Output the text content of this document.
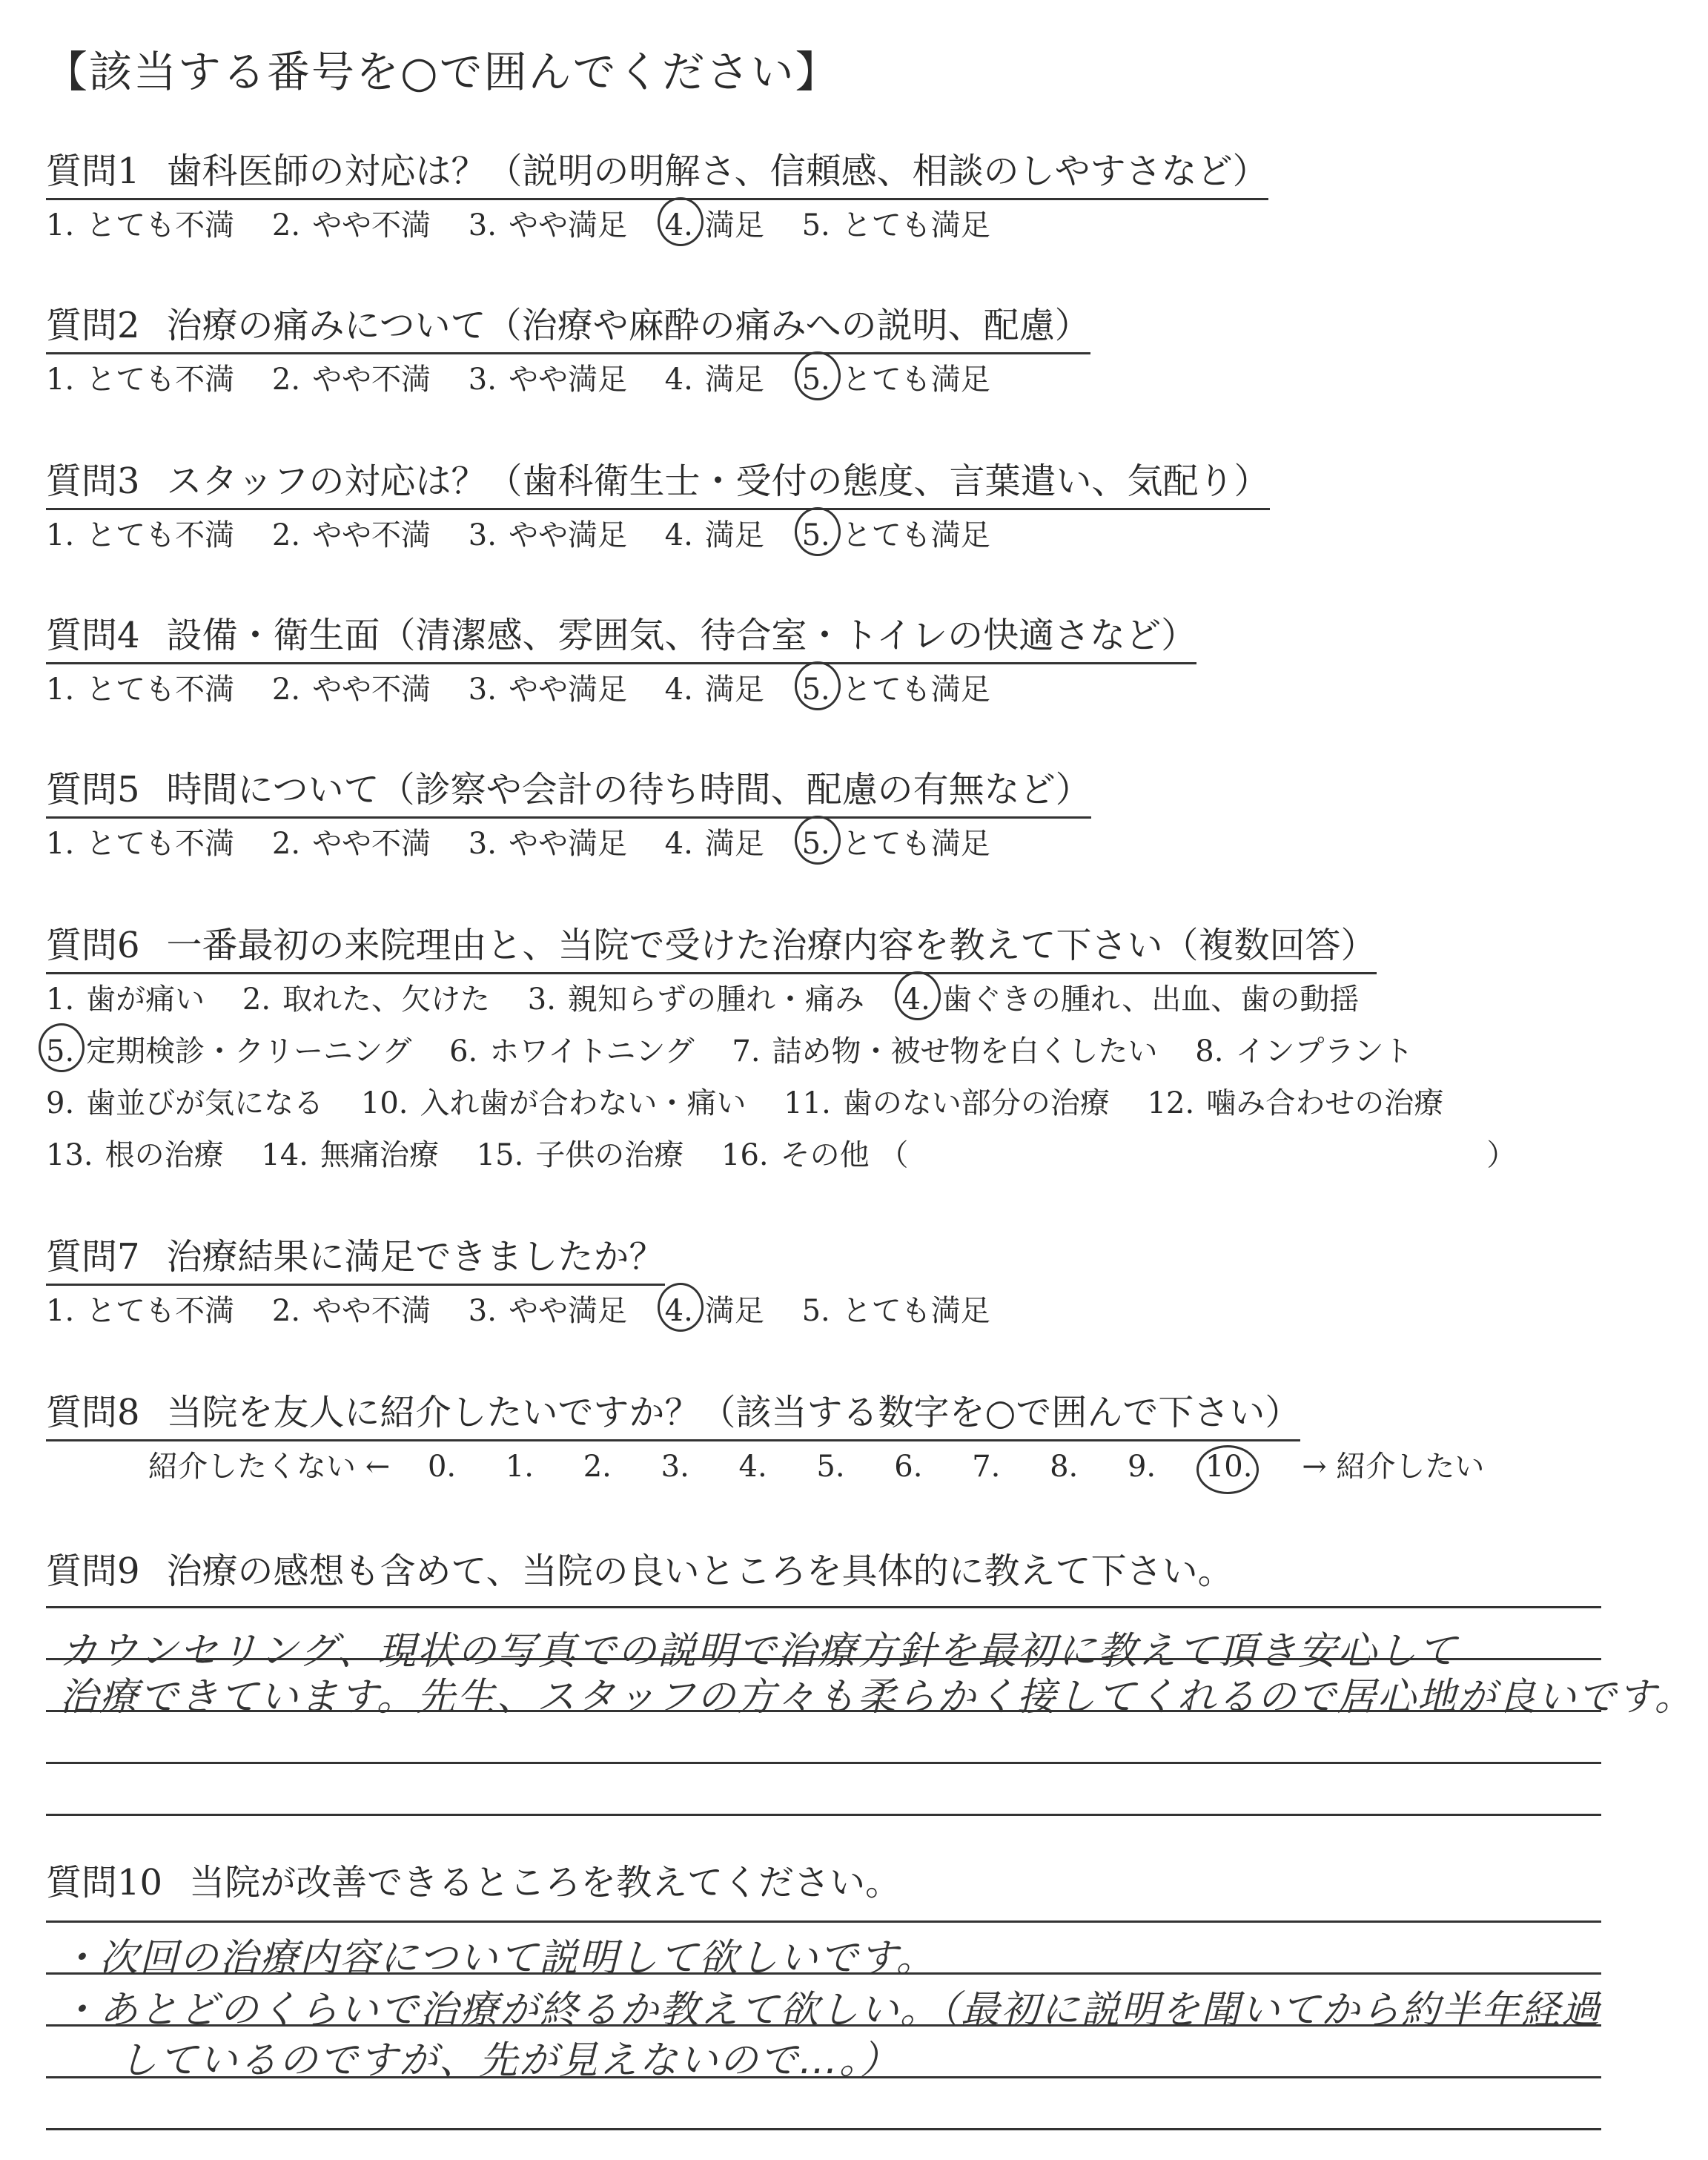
【該当する番号を○で囲んでください】
質問1 歯科医師の対応は？（説明の明解さ、信頼感、相談のしやすさなど）
1. とても不満 2. やや不満 3. やや満足 4. 満足 5. とても満足
質問2 治療の痛みについて（治療や麻酔の痛みへの説明、配慮）
1. とても不満 2. やや不満 3. やや満足 4. 満足 5. とても満足
質問3 スタッフの対応は？（歯科衛生士・受付の態度、言葉遣い、気配り）
1. とても不満 2. やや不満 3. やや満足 4. 満足 5. とても満足
質問4 設備・衛生面（清潔感、雰囲気、待合室・トイレの快適さなど）
1. とても不満 2. やや不満 3. やや満足 4. 満足 5. とても満足
質問5 時間について（診察や会計の待ち時間、配慮の有無など）
1. とても不満 2. やや不満 3. やや満足 4. 満足 5. とても満足
質問6 一番最初の来院理由と、当院で受けた治療内容を教えて下さい（複数回答）
1. 歯が痛い 2. 取れた、欠けた 3. 親知らずの腫れ・痛み 4. 歯ぐきの腫れ、出血、歯の動揺
5. 定期検診・クリーニング 6. ホワイトニング 7. 詰め物・被せ物を白くしたい 8. インプラント
9. 歯並びが気になる 10. 入れ歯が合わない・痛い 11. 歯のない部分の治療 12. 噛み合わせの治療
13. 根の治療 14. 無痛治療 15. 子供の治療 16. その他 （	）
質問7 治療結果に満足できましたか？
1. とても不満 2. やや不満 3. やや満足 4. 満足 5. とても満足
質問8 当院を友人に紹介したいですか？（該当する数字を○で囲んで下さい）
紹介したくない ← 0. 1. 2. 3. 4. 5. 6. 7. 8. 9. 10. → 紹介したい
質問9 治療の感想も含めて、当院の良いところを具体的に教えて下さい。
カウンセリング、現状の写真での説明で治療方針を最初に教えて頂き安心して
治療できています。先生、スタッフの方々も柔らかく接してくれるので居心地が良いです。
質問10 当院が改善できるところを教えてください。
・次回の治療内容について説明して欲しいです。
・あとどのくらいで治療が終るか教えて欲しい。（最初に説明を聞いてから約半年経過
しているのですが、先が見えないので…。）
